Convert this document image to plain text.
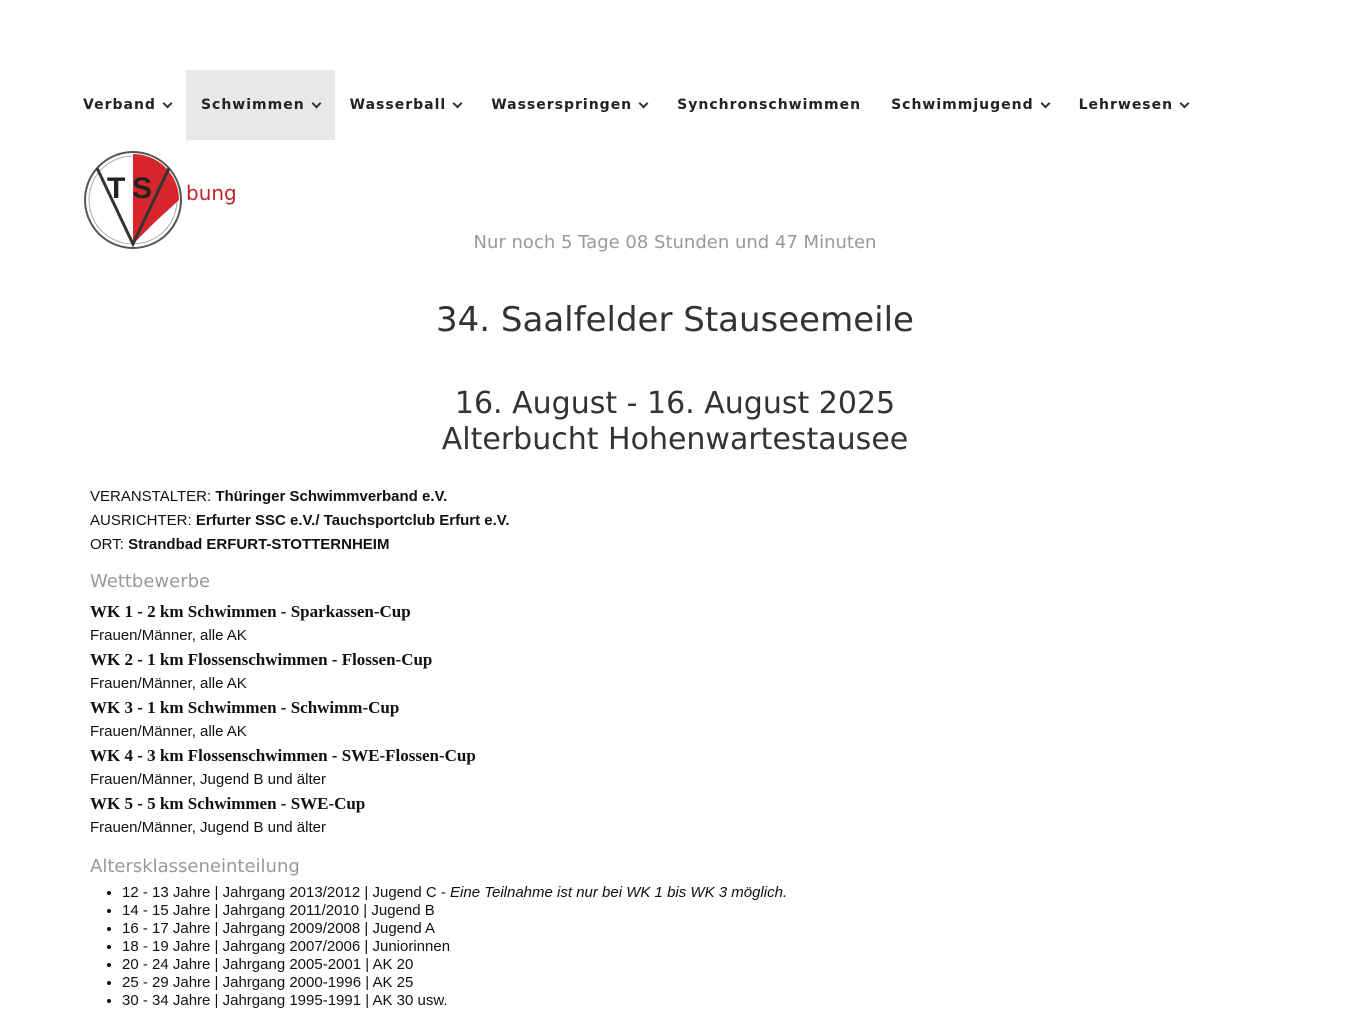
Verband	Schwimmen	Wasserball	Wasserspringen	Synchronschwimmen Schwimmjugend	Lehrwesen
T S bung
Nur noch 5 Tage 08 Stunden und 47 Minuten
34. Saalfelder Stauseemeile
16. August - 16. August 2025
Alterbucht Hohenwartestausee
VERANSTALTER: Thüringer Schwimmverband e.V.
AUSRICHTER: Erfurter SSC e.V./ Tauchsportclub Erfurt e.V.
ORT: Strandbad ERFURT-STOTTERNHEIM
Wettbewerbe
WK 1 - 2 km Schwimmen - Sparkassen-Cup
Frauen/Männer, alle AK
WK 2 - 1 km Flossenschwimmen - Flossen-Cup
Frauen/Männer, alle AK
WK 3 - 1 km Schwimmen - Schwimm-Cup
Frauen/Männer, alle AK
WK 4 - 3 km Flossenschwimmen - SWE-Flossen-Cup
Frauen/Männer, Jugend B und älter
WK 5 - 5 km Schwimmen - SWE-Cup
Frauen/Männer, Jugend B und älter
Altersklasseneinteilung
• 12 - 13 Jahre | Jahrgang 2013/2012 | Jugend C - Eine Teilnahme ist nur bei WK 1 bis WK 3 möglich.
• 14 - 15 Jahre | Jahrgang 2011/2010 | Jugend B
• 16 - 17 Jahre | Jahrgang 2009/2008 | Jugend A
• 18 - 19 Jahre | Jahrgang 2007/2006 | Juniorinnen
• 20 - 24 Jahre | Jahrgang 2005-2001 | AK 20
• 25 - 29 Jahre | Jahrgang 2000-1996 | AK 25
• 30 - 34 Jahre | Jahrgang 1995-1991 | AK 30 usw.
